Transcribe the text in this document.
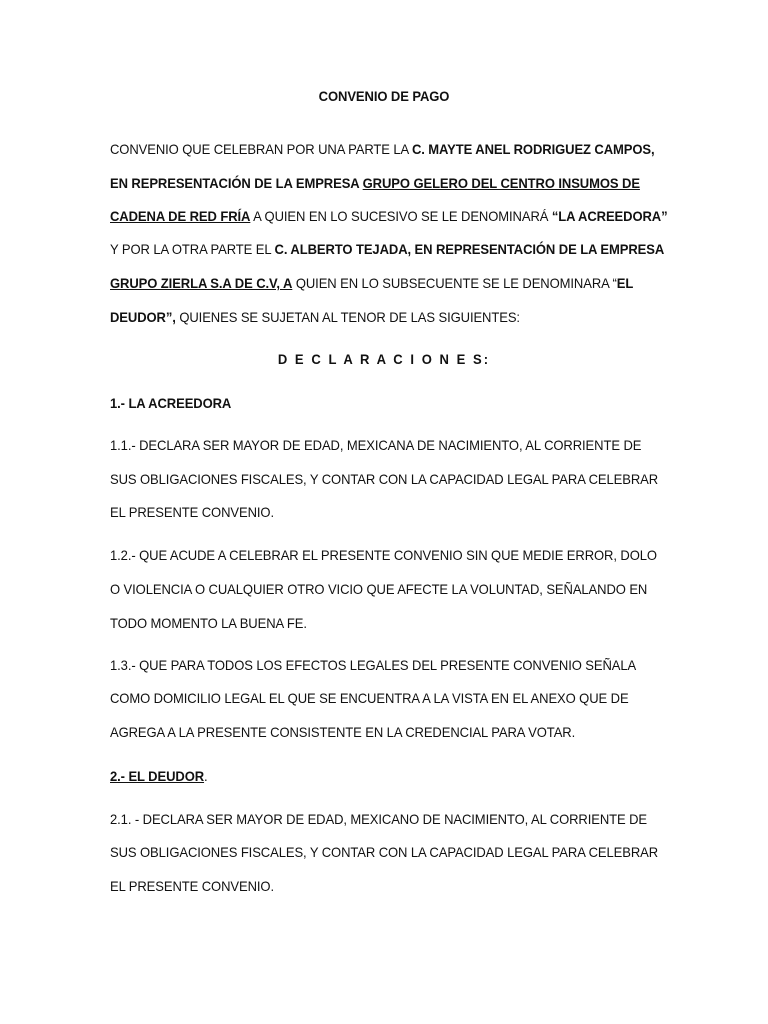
CONVENIO DE PAGO
CONVENIO QUE CELEBRAN POR UNA PARTE LA C. MAYTE ANEL RODRIGUEZ CAMPOS,
EN REPRESENTACIÓN DE LA EMPRESA GRUPO GELERO DEL CENTRO INSUMOS DE
CADENA DE RED FRÍA A QUIEN EN LO SUCESIVO SE LE DENOMINARÁ “LA ACREEDORA”
Y POR LA OTRA PARTE EL C. ALBERTO TEJADA, EN REPRESENTACIÓN DE LA EMPRESA
GRUPO ZIERLA S.A DE C.V, A QUIEN EN LO SUBSECUENTE SE LE DENOMINARA “EL
DEUDOR”, QUIENES SE SUJETAN AL TENOR DE LAS SIGUIENTES:
D E C L A R A C I O N E S:
1.- LA ACREEDORA
1.1.- DECLARA SER MAYOR DE EDAD, MEXICANA DE NACIMIENTO, AL CORRIENTE DE
SUS OBLIGACIONES FISCALES, Y CONTAR CON LA CAPACIDAD LEGAL PARA CELEBRAR
EL PRESENTE CONVENIO.
1.2.- QUE ACUDE A CELEBRAR EL PRESENTE CONVENIO SIN QUE MEDIE ERROR, DOLO
O VIOLENCIA O CUALQUIER OTRO VICIO QUE AFECTE LA VOLUNTAD, SEÑALANDO EN
TODO MOMENTO LA BUENA FE.
1.3.- QUE PARA TODOS LOS EFECTOS LEGALES DEL PRESENTE CONVENIO SEÑALA
COMO DOMICILIO LEGAL EL QUE SE ENCUENTRA A LA VISTA EN EL ANEXO QUE DE
AGREGA A LA PRESENTE CONSISTENTE EN LA CREDENCIAL PARA VOTAR.
2.- EL DEUDOR.
2.1. - DECLARA SER MAYOR DE EDAD, MEXICANO DE NACIMIENTO, AL CORRIENTE DE
SUS OBLIGACIONES FISCALES, Y CONTAR CON LA CAPACIDAD LEGAL PARA CELEBRAR
EL PRESENTE CONVENIO.
